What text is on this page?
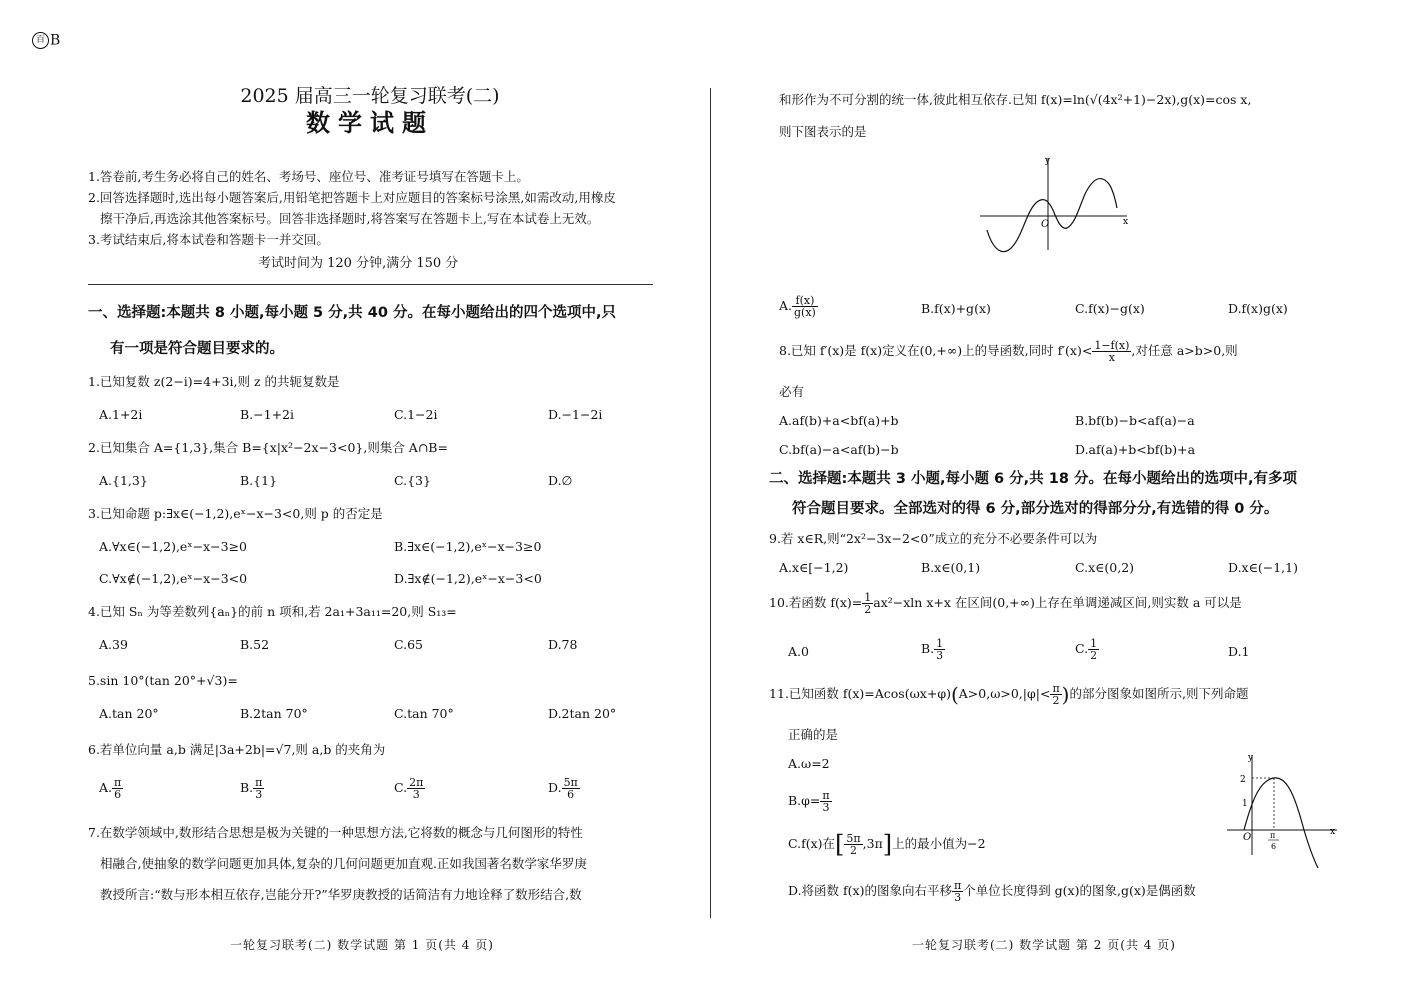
百 B
2025 届高三一轮复习联考(二)
数学试题
1.答卷前,考生务必将自己的姓名、考场号、座位号、准考证号填写在答题卡上。
2.回答选择题时,选出每小题答案后,用铅笔把答题卡上对应题目的答案标号涂黑,如需改动,用橡皮
擦干净后,再选涂其他答案标号。回答非选择题时,将答案写在答题卡上,写在本试卷上无效。
3.考试结束后,将本试卷和答题卡一并交回。
考试时间为 120 分钟,满分 150 分
一、选择题:本题共 8 小题,每小题 5 分,共 40 分。在每小题给出的四个选项中,只
有一项是符合题目要求的。
1.已知复数 z(2−i)=4+3i,则 z 的共轭复数是
A.1+2i	B.−1+2i	C.1−2i	D.−1−2i
2.已知集合 A={1,3},集合 B={x|x²−2x−3<0},则集合 A∩B=
A.{1,3}	B.{1}	C.{3}	D.∅
3.已知命题 p:∃x∈(−1,2),eˣ−x−3<0,则 p 的否定是
A.∀x∈(−1,2),eˣ−x−3≥0	B.∃x∈(−1,2),eˣ−x−3≥0
C.∀x∉(−1,2),eˣ−x−3<0	D.∃x∉(−1,2),eˣ−x−3<0
4.已知 Sₙ 为等差数列{aₙ}的前 n 项和,若 2a₁+3a₁₁=20,则 S₁₃=
A.39	B.52	C.65	D.78
5.sin 10°(tan 20°+√3)=
A.tan 20°	B.2tan 70°	C.tan 70°	D.2tan 20°
6.若单位向量 a,b 满足|3a+2b|=√7,则 a,b 的夹角为
A. $\frac{\pi}{6}$	B. $\frac{\pi}{3}$	C. $\frac{2\pi}{3}$	D. $\frac{5\pi}{6}$
7.在数学领域中,数形结合思想是极为关键的一种思想方法,它将数的概念与几何图形的特性
相融合,使抽象的数学问题更加具体,复杂的几何问题更加直观.正如我国著名数学家华罗庚
教授所言:“数与形本相互依存,岂能分开?”华罗庚教授的话简洁有力地诠释了数形结合,数
和形作为不可分割的统一体,彼此相互依存.已知 f(x)=ln(√(4x²+1)−2x),g(x)=cos x,
则下图表示的是
y
x
O
A. $\frac{f(x)}{g(x)}$	B.f(x)+g(x)	C.f(x)−g(x)	D.f(x)g(x)
8.已知 f′(x)是 f(x)定义在(0,+∞)上的导函数,同时 $f'(x)< \frac{1-f(x)}{x}$ ,对任意 a>b>0,则
必有
A.af(b)+a<bf(a)+b	B.bf(b)−b<af(a)−a
C.bf(a)−a<af(b)−b	D.af(a)+b<bf(b)+a
二、选择题:本题共 3 小题,每小题 6 分,共 18 分。在每小题给出的选项中,有多项
符合题目要求。全部选对的得 6 分,部分选对的得部分分,有选错的得 0 分。
9.若 x∈R,则“2x²−3x−2<0”成立的充分不必要条件可以为
A.x∈[−1,2)	B.x∈(0,1)	C.x∈(0,2)	D.x∈(−1,1)
10.若函数 $f(x)= \frac{1}{2} ax^2-xln$ x+x 在区间(0,+∞)上存在单调递减区间,则实数 a 可以是
A.0	B. $\frac{1}{3}$	C. $\frac{1}{2}$	D.1
11.已知函数 $f(x)=Acos(\omega x+\varphi)(A>0,\omega>0,|\varphi|< \frac{\pi}{2}$ )的部分图象如图所示,则下列命题
正确的是
A.ω=2
$B.\varphi= \frac{\pi}{3}$
C.f(x)在[ $\frac{5\pi}{2} ,3\pi$]上的最小值为−2
D.将函数 f(x)的图象向右平移 $\frac{\pi}{3}$ 个单位长度得到 g(x)的图象,g(x)是偶函数
y
x
2
1
O π
6
一轮复习联考(二) 数学试题 第 1 页(共 4 页)	一轮复习联考(二) 数学试题 第 2 页(共 4 页)
